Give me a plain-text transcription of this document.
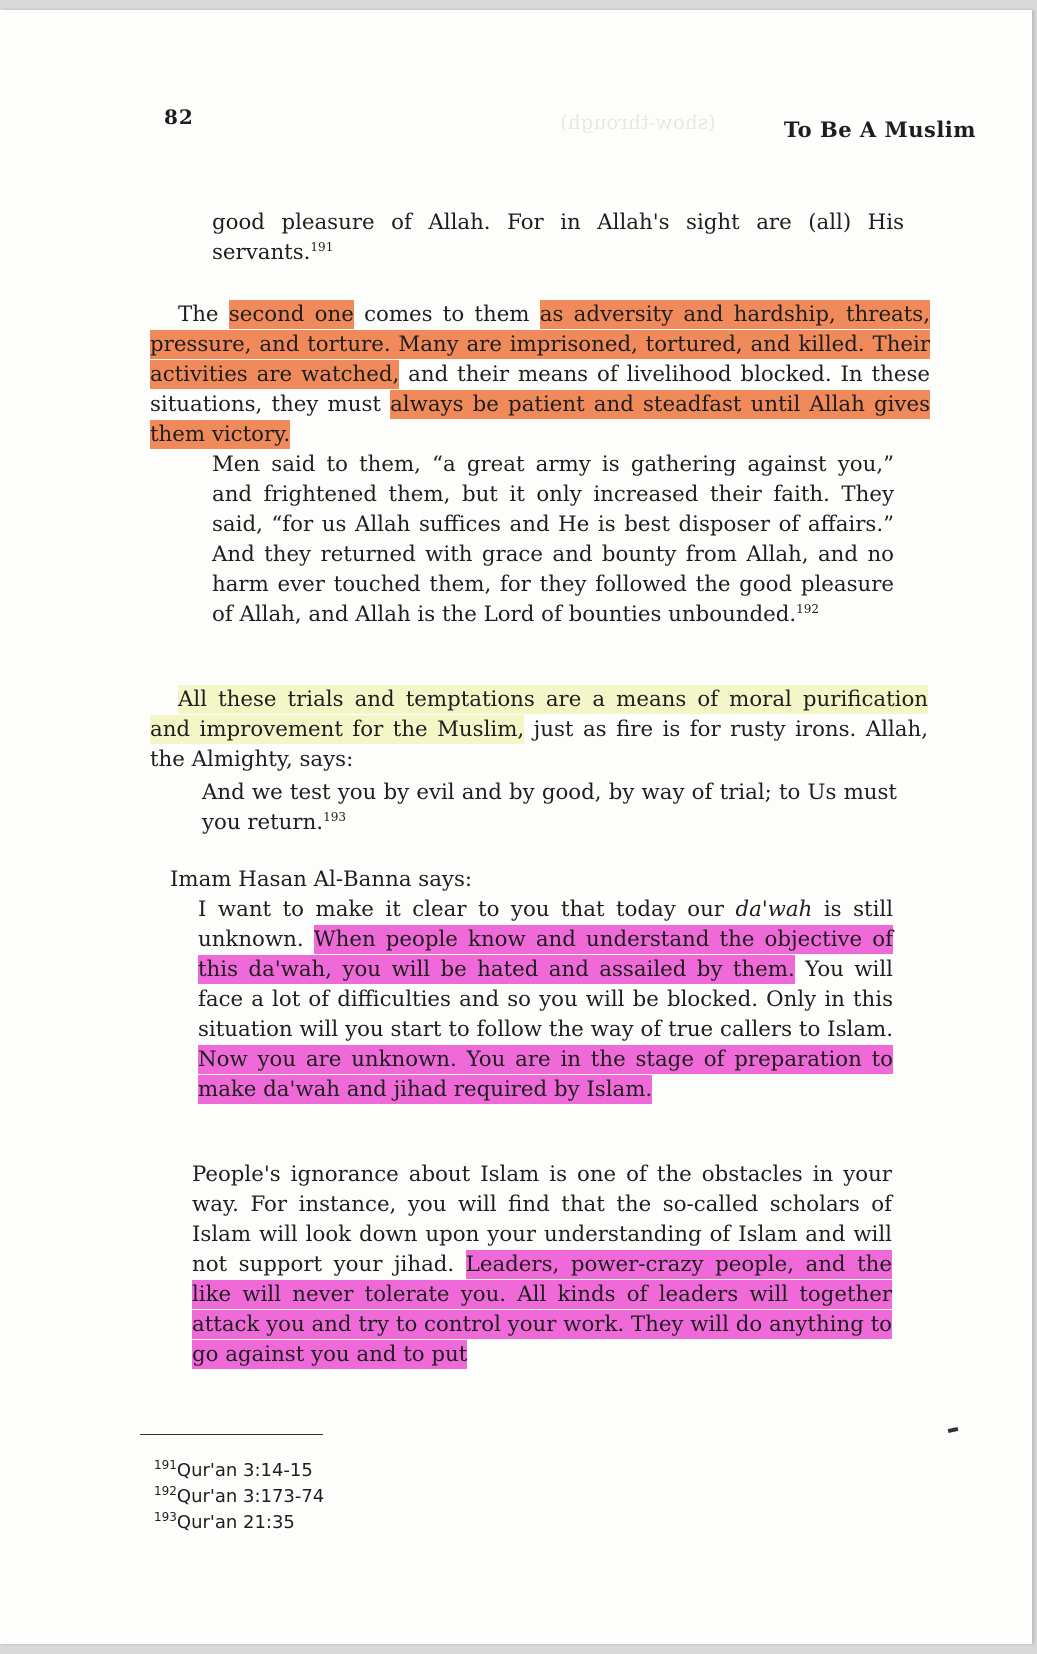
(show-through)
82	To Be A Muslim

good pleasure of Allah. For in Allah's sight are (all) His servants.$^{191}$

The second one comes to them as adversity and hardship, threats, pressure, and torture. Many are imprisoned, tortured, and killed. Their activities are watched, and their means of livelihood blocked. In these situations, they must always be patient and steadfast until Allah gives them victory.

Men said to them, “a great army is gathering against you,” and frightened them, but it only increased their faith. They said, “for us Allah suffices and He is best disposer of affairs.” And they returned with grace and bounty from Allah, and no harm ever touched them, for they followed the good pleasure of Allah, and Allah is the Lord of bounties unbounded.$^{192}$

All these trials and temptations are a means of moral purification and improvement for the Muslim, just as fire is for rusty irons. Allah, the Almighty, says:

And we test you by evil and by good, by way of trial; to Us must you return.$^{193}$

Imam Hasan Al-Banna says:

I want to make it clear to you that today our da'wah is still unknown. When people know and understand the objective of this da'wah, you will be hated and assailed by them. You will face a lot of difficulties and so you will be blocked. Only in this situation will you start to follow the way of true callers to Islam. Now you are unknown. You are in the stage of preparation to make da'wah and jihad required by Islam.

People's ignorance about Islam is one of the obstacles in your way. For instance, you will find that the so-called scholars of Islam will look down upon your understanding of Islam and will not support your jihad. Leaders, power-crazy people, and the like will never tolerate you. All kinds of leaders will together attack you and try to control your work. They will do anything to go against you and to put

$^{191}$Qur'an 3:14-15
$^{192}$Qur'an 3:173-74
$^{193}$Qur'an 21:35
